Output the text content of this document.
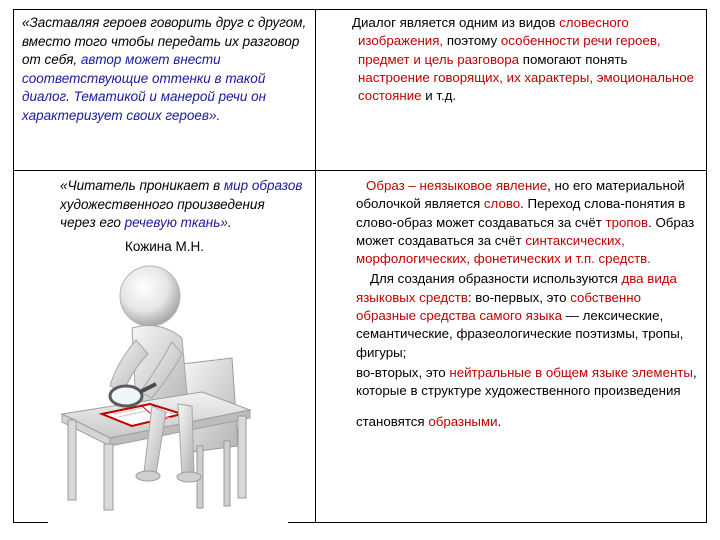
«Заставляя героев говорить друг с другом, вместо того чтобы передать их разговор от себя, автор может внести соответствующие оттенки в такой диалог. Тематикой и манерой речи он характеризует своих героев».

Диалог является одним из видов словесного изображения, поэтому особенности речи героев, предмет и цель разговора помогают понять настроение говорящих, их характеры, эмоциональное состояние и т.д.

«Читатель проникает в мир образов художественного произведения через его речевую ткань».

Кожина М.Н.

Образ – неязыковое явление, но его материальной оболочкой является слово. Переход слова-понятия в слово-образ может создаваться за счёт тропов. Образ может создаваться за счёт синтаксических, морфологических, фонетических и т.п. средств.

Для создания образности используются два вида языковых средств: во-первых, это собственно образные средства самого языка — лексические, семантические, фразеологические поэтизмы, тропы, фигуры;

во-вторых, это нейтральные в общем языке элементы, которые в структуре художественного произведения

становятся образными.
